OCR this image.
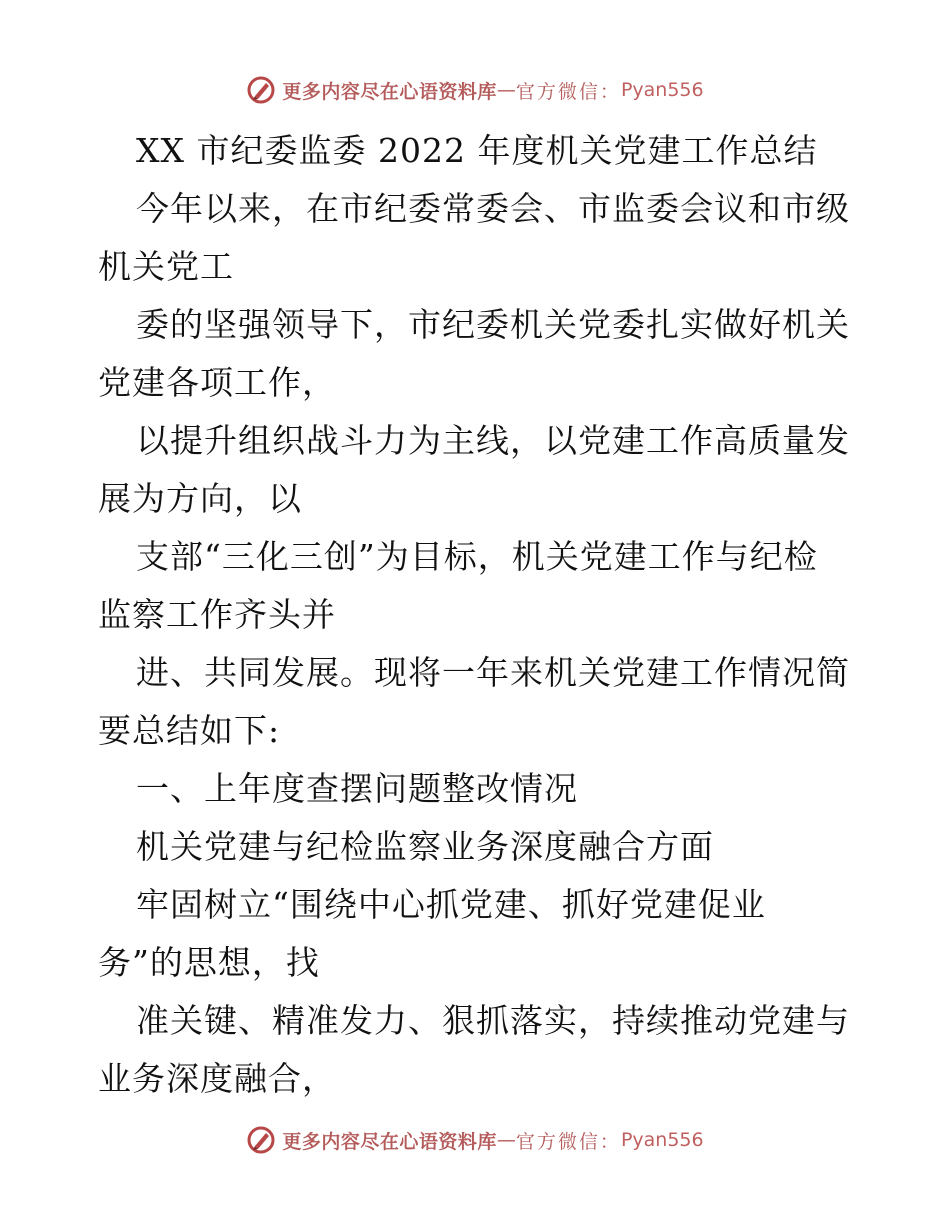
更多内容尽在心语资料库 — 官方微信： Pyan556
XX 市纪委监委 2022 年度机关党建工作总结
今年以来，在市纪委常委会、市监委会议和市级
机关党工
委的坚强领导下，市纪委机关党委扎实做好机关
党建各项工作，
以提升组织战斗力为主线，以党建工作高质量发
展为方向，以
支部“三化三创”为目标，机关党建工作与纪检
监察工作齐头并
进、共同发展。现将一年来机关党建工作情况简
要总结如下:
一、上年度查摆问题整改情况
机关党建与纪检监察业务深度融合方面
牢固树立“围绕中心抓党建、抓好党建促业
务”的思想，找
准关键、精准发力、狠抓落实，持续推动党建与
业务深度融合，
更多内容尽在心语资料库 — 官方微信： Pyan556
